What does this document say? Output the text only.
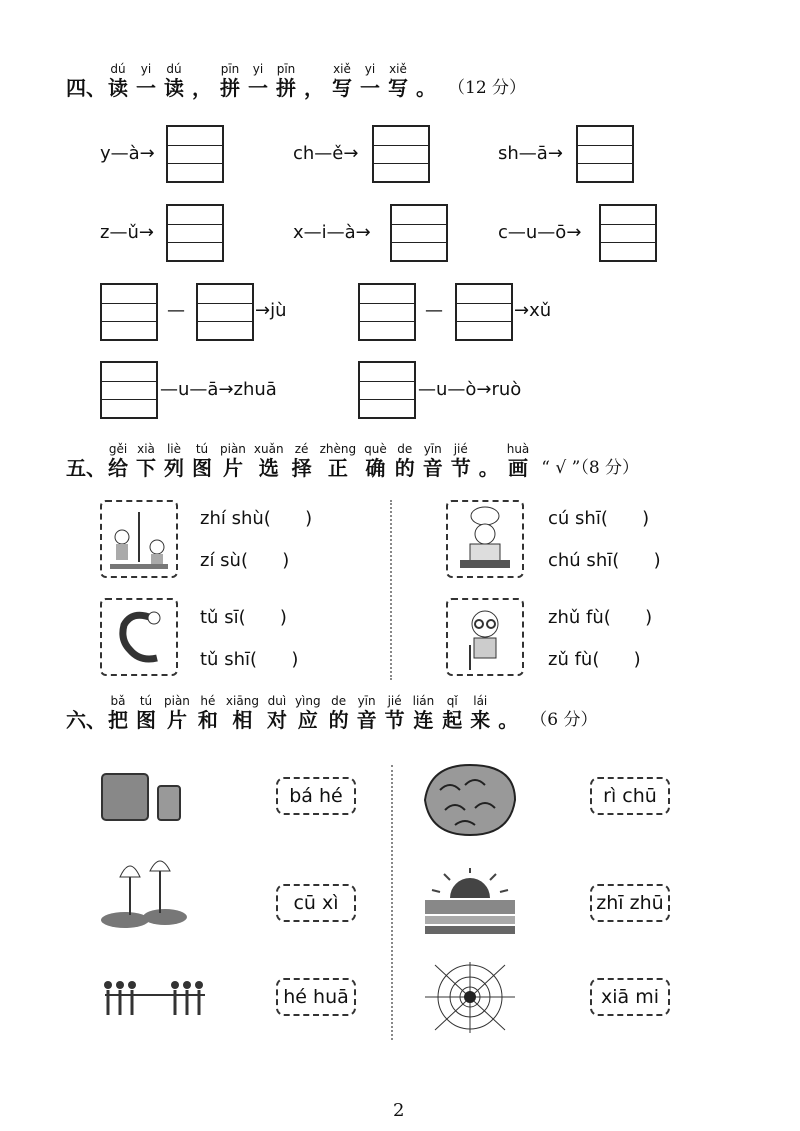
四、
dú
读
yi
一
dú
读
，
pīn
拼
yi
一
pīn
拼
，
xiě
写
yi
一
xiě
写
。 （12 分）
y—à→	ch—ě→	sh—ā→
z—ǔ→	x—i—à→	c—u—ō→
—	→jù	—	→xǔ
—u—ā→zhuā	—u—ò→ruò
五、
gěi
给
xià
下
liè
列
tú
图
piàn
片
xuǎn
选
zé
择
zhèng
正
què
确
de
的
yīn
音
jié
节
。
huà
画 “ √ ”（8 分）
zhí shù(      )
zí sù(      )
cú shī(      )
chú shī(      )
tǔ sī(      )
tǔ shī(      )
zhǔ fù(      )
zǔ fù(      )
六、
bǎ
把
tú
图
piàn
片
hé
和
xiāng
相
duì
对
yìng
应
de
的
yīn
音
jié
节
lián
连
qǐ
起
lái
来
。 （6 分）
bá hé
cū xì
hé huā
rì chū
zhī zhū
xiā mi
2
